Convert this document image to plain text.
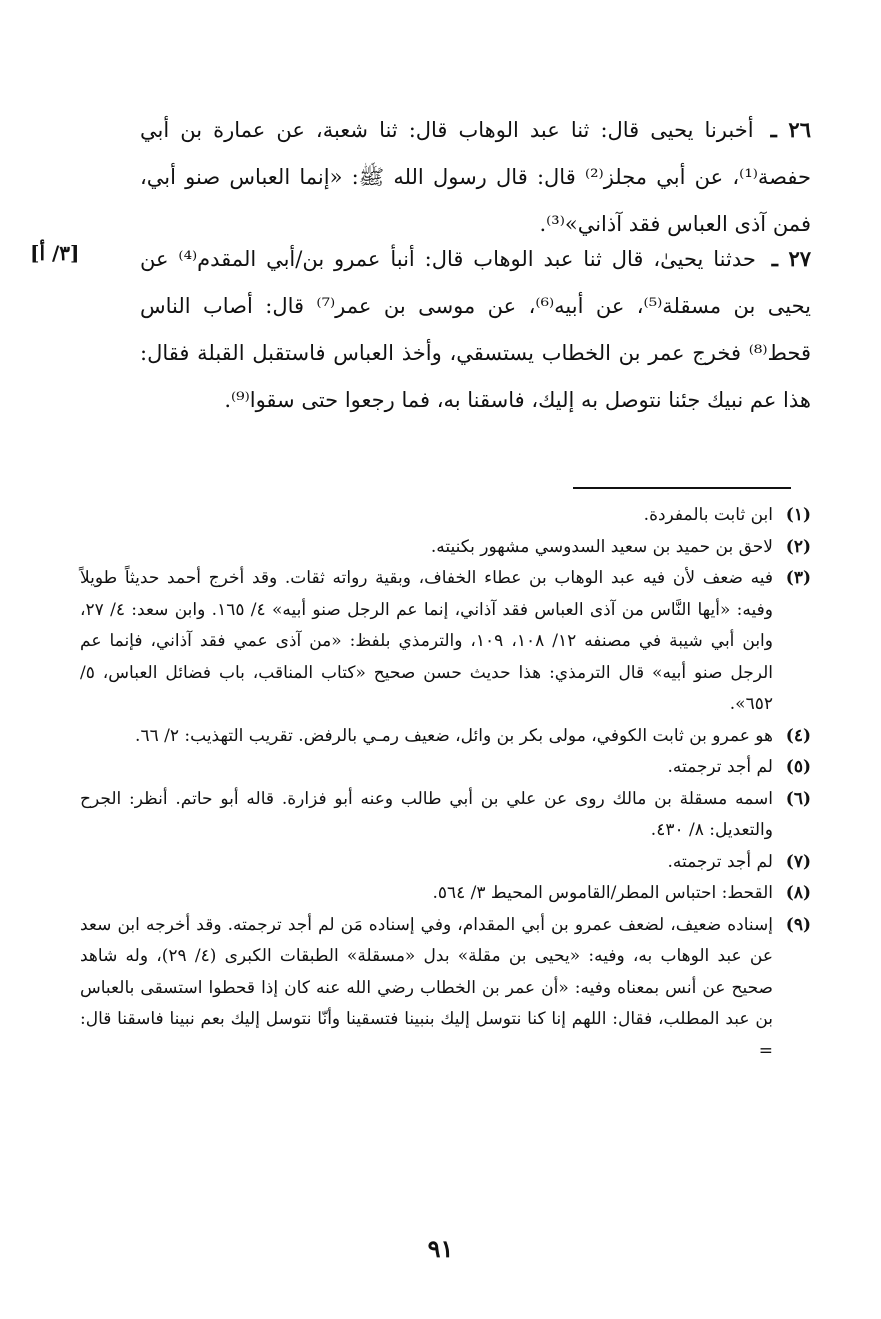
٢٦ ـ أخبرنا يحيى قال: ثنا عبد الوهاب قال: ثنا شعبة، عن عمارة بن أبي حفصة⁽¹⁾، عن أبي مجلز⁽²⁾ قال: قال رسول الله ﷺ: «إنما العباس صنو أبي، فمن آذى العباس فقد آذاني»⁽³⁾.

٢٧ ـ حدثنا يحيىٰ، قال ثنا عبد الوهاب قال: أنبأ عمرو بن/أبي المقدم⁽⁴⁾ عن يحيى بن مسقلة⁽⁵⁾، عن أبيه⁽⁶⁾، عن موسى بن عمر⁽⁷⁾ قال: أصاب الناس قحط⁽⁸⁾ فخرج عمر بن الخطاب يستسقي، وأخذ العباس فاستقبل القبلة فقال: هذا عم نبيك جئنا نتوصل به إليك، فاسقنا به، فما رجعوا حتى سقوا⁽⁹⁾.

[٣/ أ]
(١)
ابن ثابت بالمفردة.
(٢)
لاحق بن حميد بن سعيد السدوسي مشهور بكنيته.
(٣)
فيه ضعف لأن فيه عبد الوهاب بن عطاء الخفاف، وبقية رواته ثقات. وقد أخرج أحمد حديثاً طويلاً وفيه: «أيها النَّاس من آذى العباس فقد آذاني، إنما عم الرجل صنو أبيه» ٤/ ١٦٥. وابن سعد: ٤/ ٢٧، وابن أبي شيبة في مصنفه ١٢/ ١٠٨، ١٠٩، والترمذي بلفظ: «من آذى عمي فقد آذاني، فإنما عم الرجل صنو أبيه» قال الترمذي: هذا حديث حسن صحيح «كتاب المناقب، باب فضائل العباس، ٥/ ٦٥٢».
(٤)
هو عمرو بن ثابت الكوفي، مولى بكر بن وائل، ضعيف رمـي بالرفض. تقريب التهذيب: ٢/ ٦٦.
(٥)
لم أجد ترجمته.
(٦)
اسمه مسقلة بن مالك روى عن علي بن أبي طالب وعنه أبو فزارة. قاله أبو حاتم. أنظر: الجرح والتعديل: ٨/ ٤٣٠.
(٧)
لم أجد ترجمته.
(٨)
القحط: احتباس المطر/القاموس المحيط ٣/ ٥٦٤.
(٩)
إسناده ضعيف، لضعف عمرو بن أبي المقدام، وفي إسناده مَن لم أجد ترجمته. وقد أخرجه ابن سعد عن عبد الوهاب به، وفيه: «يحيى بن مقلة» بدل «مسقلة» الطبقات الكبرى (٤/ ٢٩)، وله شاهد صحيح عن أنس بمعناه وفيه: «أن عمر بن الخطاب رضي الله عنه كان إذا قحطوا استسقى بالعباس بن عبد المطلب، فقال: اللهم إنا كنا نتوسل إليك بنبينا فتسقينا وأنّا نتوسل إليك بعم نبينا فاسقنا قال: =
٩١
